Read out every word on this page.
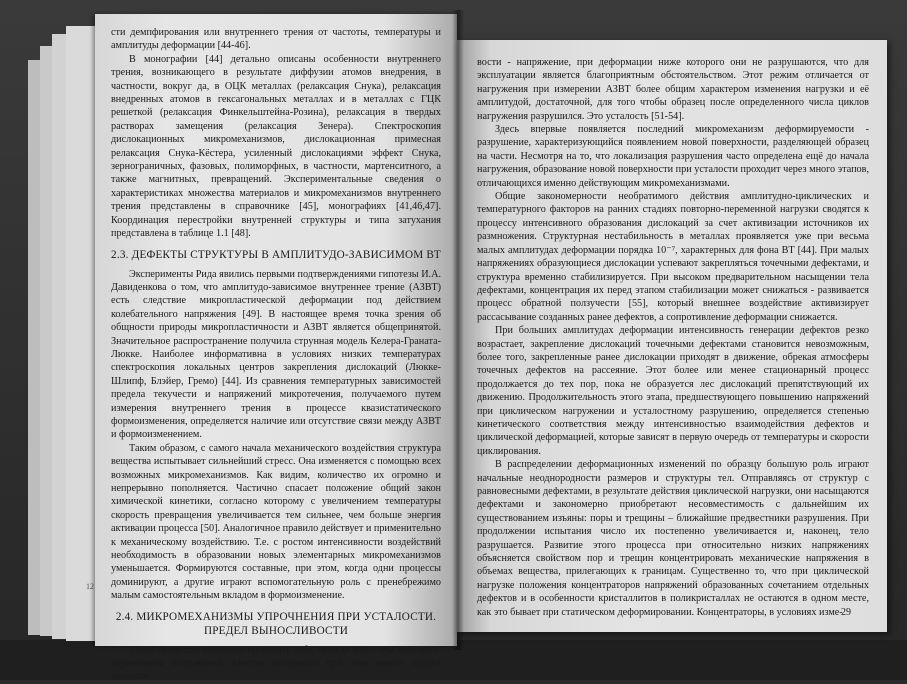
12

сти демпфирования или внутреннего трения от частоты, температуры и амплитуды деформации [44-46].

В монографии [44] детально описаны особенности внутреннего трения, возникающего в результате диффузии атомов внедрения, в частности, вокруг да, в ОЦК металлах (релаксация Снука), релаксация внедренных атомов в гексагональных металлах и в металлах с ГЦК решеткой (релаксация Финкельштейна-Розина), релаксация в твердых растворах замещения (релаксация Зенера). Спектроскопия дислокационных микромеханизмов, дислокационная примесная релаксация Снука-Кёстера, усиленный дислокациями эффект Снука, зернограничных, фазовых, полиморфных, в частности, мартенситного, а также магнитных, превращений. Экспериментальные сведения о характеристиках множества материалов и микромеханизмов внутреннего трения представлены в справочнике [45], монографиях [41,46,47]. Координация перестройки внутренней структуры и типа затухания представлена в таблице 1.1 [48].

2.3. ДЕФЕКТЫ СТРУКТУРЫ В АМПЛИТУДО-ЗАВИСИМОМ ВТ

Эксперименты Рида явились первыми подтверждениями гипотезы И.А. Давиденкова о том, что амплитудо-зависимое внутреннее трение (АЗВТ) есть следствие микропластической деформации под действием колебательного напряжения [49]. В настоящее время точка зрения об общности природы микропластичности и АЗВТ является общепринятой. Значительное распространение получила струнная модель Келера-Граната-Люкке. Наиболее информативна в условиях низких температурах спектроскопия локальных центров закрепления дислокаций (Люкке-Шлипф, Блэйер, Гремо) [44]. Из сравнения температурных зависимостей предела текучести и напряжений микротечения, получаемого путем измерения внутреннего трения в процессе квазистатического формоизменения, определяется наличие или отсутствие связи между АЗВТ и формоизменением.

Таким образом, с самого начала механического воздействия структура вещества испытывает сильнейший стресс. Она изменяется с помощью всех возможных микромеханизмов. Как видим, количество их огромно и непрерывно пополняется. Частично спасает положение общий закон химической кинетики, согласно которому с увеличением температуры скорость превращения увеличивается тем сильнее, чем больше энергия активации процесса [50]. Аналогичное правило действует и применительно к механическому воздействию. Т.е. с ростом интенсивности воздействий необходимость в образовании новых элементарных микромеханизмов уменьшается. Формируются составные, при этом, когда одни процессы доминируют, а другие играют вспомогательную роль с пренебрежимо малым самостоятельным вкладом в формоизменение.

2.4. МИКРОМЕХАНИЗМЫ УПРОЧНЕНИЯ ПРИ УСТАЛОСТИ. ПРЕДЕЛ ВЫНОСЛИВОСТИ

Такие процессы начинают проявлять себя, прежде всего при повторно-переменном нагружении. Многие материалы при этом имеют предел выносли-

вости - напряжение, при деформации ниже которого они не разрушаются, что для эксплуатации является благоприятным обстоятельством. Этот режим отличается от нагружения при измерении АЗВТ более общим характером изменения нагрузки и её амплитудой, достаточной, для того чтобы образец после определенного числа циклов нагружения разрушился. Это усталость [51-54].

Здесь впервые появляется последний микромеханизм деформируемости - разрушение, характеризующийся появлением новой поверхности, разделяющей образец на части. Несмотря на то, что локализация разрушения часто определена ещё до начала нагружения, образование новой поверхности при усталости проходит через много этапов, отличающихся именно действующим микромеханизмами.

Общие закономерности необратимого действия амплитудно-циклических и температурного факторов на ранних стадиях повторно-переменной нагрузки сводятся к процессу интенсивного образования дислокаций за счет активизации источников их размножения. Структурная нестабильность в металлах проявляется уже при весьма малых амплитудах деформации порядка 10⁻⁷, характерных для фона ВТ [44]. При малых напряжениях образующиеся дислокации успевают закрепляться точечными дефектами, и структура временно стабилизируется. При высоком предварительном насыщении тела дефектами, концентрация их перед этапом стабилизации может снижаться - развивается процесс обратной ползучести [55], который внешнее воздействие активизирует рассасывание созданных ранее дефектов, а сопротивление деформации снижается.

При больших амплитудах деформации интенсивность генерации дефектов резко возрастает, закрепление дислокаций точечными дефектами становится невозможным, более того, закрепленные ранее дислокации приходят в движение, обрекая атмосферы точечных дефектов на рассеяние. Этот более или менее стационарный процесс продолжается до тех пор, пока не образуется лес дислокаций препятствующий их движению. Продолжительность этого этапа, предшествующего повышению напряжений при циклическом нагружении и усталостному разрушению, определяется степенью кинетического соответствия между интенсивностью взаимодействия дефектов и циклической деформацией, которые зависят в первую очередь от температуры и скорости циклирования.

В распределении деформационных изменений по образцу большую роль играют начальные неоднородности размеров и структуры тел. Отправляясь от структур с равновесными дефектами, в результате действия циклической нагрузки, они насыщаются дефектами и закономерно приобретают несовместимость с дальнейшим их существованием изъяны: поры и трещины – ближайшие предвестники разрушения. При продолжении испытания число их постепенно увеличивается и, наконец, тело разрушается. Развитие этого процесса при относительно низких напряжениях объясняется свойством пор и трещин концентрировать механические напряжения в объемах вещества, прилегающих к границам. Существенно то, что при циклической нагрузке положения концентраторов напряжений образованных сочетанием отдельных дефектов и в особенности кристаллитов в поликристаллах не остаются в одном месте, как это бывает при статическом деформировании. Концентраторы, в условиях изме-

29
